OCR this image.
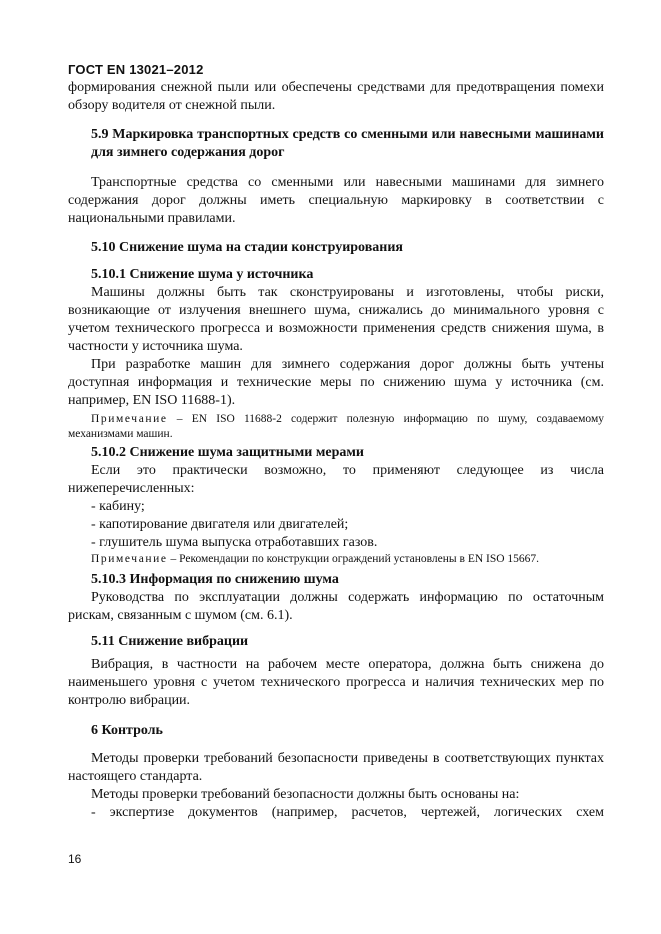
ГОСТ EN 13021–2012

формирования снежной пыли или обеспечены средствами для предотвращения помехи обзору водителя от снежной пыли.

5.9 Маркировка транспортных средств со сменными или навесными машинами для зимнего содержания дорог

Транспортные средства со сменными или навесными машинами для зимнего содержания дорог должны иметь специальную маркировку в соответствии с национальными правилами.

5.10 Снижение шума на стадии конструирования

5.10.1 Снижение шума у источника

Машины должны быть так сконструированы и изготовлены, чтобы риски, возникающие от излучения внешнего шума, снижались до минимального уровня с учетом технического прогресса и возможности применения средств снижения шума, в частности у источника шума.

При разработке машин для зимнего содержания дорог должны быть учтены доступная информация и технические меры по снижению шума у источника (см. например, EN ISO 11688-1).

Примечание – EN ISO 11688-2 содержит полезную информацию по шуму, создаваемому механизмами машин.

5.10.2 Снижение шума защитными мерами

Если это практически возможно, то применяют следующее из числа нижеперечисленных:

- кабину;

- капотирование двигателя или двигателей;

- глушитель шума выпуска отработавших газов.

Примечание – Рекомендации по конструкции ограждений установлены в EN ISO 15667.

5.10.3 Информация по снижению шума

Руководства по эксплуатации должны содержать информацию по остаточным рискам, связанным с шумом (см. 6.1).

5.11 Снижение вибрации

Вибрация, в частности на рабочем месте оператора, должна быть снижена до наименьшего уровня с учетом технического прогресса и наличия технических мер по контролю вибрации.

6 Контроль

Методы проверки требований безопасности приведены в соответствующих пунктах настоящего стандарта.

Методы проверки требований безопасности должны быть основаны на:

- экспертизе документов (например, расчетов, чертежей, логических схем

16
